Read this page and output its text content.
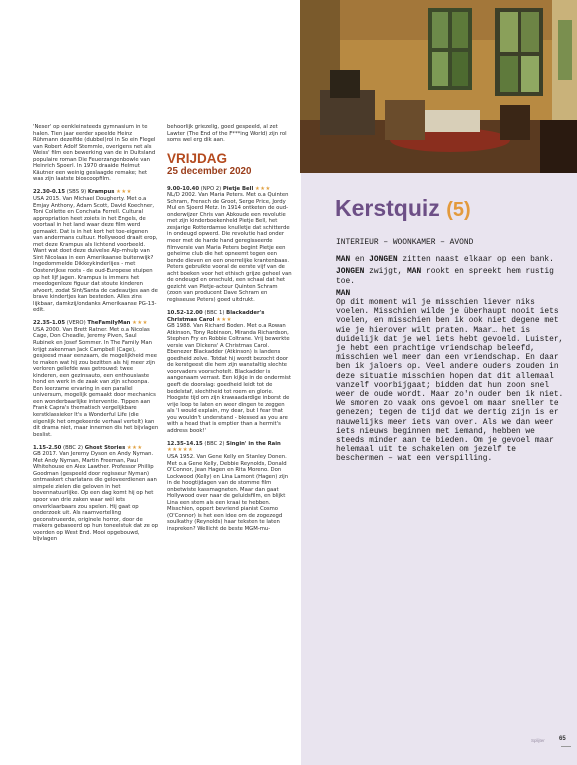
'Neser' op eenkleinsteeds gymnasium in te halen. Tien jaar eerder speelde Heinz Rühmann dezelfde (dubbel)rol in So ein Flegel van Robert Adolf Stemmle, overigens net als Weiss' film een bewerking van de in Duitsland populaire roman Die Feuerzangenbowle van Heinrich Spoerl. In 1970 draaide Helmut Käutner een weinig geslaagde remake; het was zijn laatste bioscoopfilm.

22.30-0.15 (SBS 9) Krampus ★★★
USA 2015. Van Michael Dougherty. Met o.a Emjay Anthony, Adam Scott, David Koechner, Toni Collette en Conchata Ferrell. Cultural appropriation heet zoiets in het Engels, de voortaal in het land waar deze film werd gemaakt. Dat is in het kort het toe-eigenen van andermans cultuur. Hollywood draait erop, met deze Krampus als lichtend voorbeeld. Want wat doet deze duivelse Alp-mhulp van Sint Nicolaas in een Amerikaanse buitenwijk? Ingedommelde Dikkeykinderlijes - met Oostenrijkse roots - de oud-Europese stuipen op het lijf jagen. Krampus is immers het meedogenloze figuur dat stoute kinderen afvoert, zodat Sint/Santa de cadeautjes aan de brave kindertjes kan besteden. Alles zins lijkbaar, damkzij/ondanks Amerikaanse PG-13-edit.

22.35-1.05 (VERO) TheFamilyMan ★★★
USA 2000. Van Brett Ratner. Met o.a Nicolas Cage, Don Cheadle, Jeremy Piven, Saul Rubinek en Josef Sommer. In The Family Man krijgt zakenman Jack Campbell (Cage), gesjeesd maar eenzaam, de mogelijkheid mee te maken wat hij zou bezitten als hij meer zijn verloren geliefde was getrouwd: twee kinderen, een gezinsauto, een enthousiaste hond en werk in de zaak van zijn schoonpa. Een leerzame ervaring in een parallel universum, mogelijk gemaakt door mechanics een wonderbaarlijke interventie. Tippen aan Frank Capra's thematisch vergelijkbare kerstklassieker It's a Wonderful Life (die eigenlijk het omgekeerde verhaal vertelt) kan dit drama niet, maar innemen dis het bijvlagen beslist.

1.15-2.50 (BBC 2) Ghost Stories ★★★
GB 2017. Van Jeremy Dyson en Andy Nyman. Met Andy Nyman, Martin Freeman, Paul Whitehouse en Alex Lawther. Professor Phillip Goodman (gespeeld door regisseur Nyman) ontmaskert charlatans die geloveerdienen aan simpele zielen die geloven in het bovennatuurlijke. Op een dag komt hij op het spoor van drie zaken waar wél iets onverklaarbaars zou spelen. Hij gaat op onderzoek uit. Als raamvertelling geconstrueerde, originele horror, door de makers gebaseerd op hun toneelstuk dat ze op voerden op West End. Mooi opgebouwd, bijvlagen

behoorlijk griezelig, goed gespeeld, al zet Lawter (The End of the F***ing World) zijn rol soms wel erg dik aan.

VRIJDAG
25 december 2020

9.00-10.40 (NPO 2) Pietje Bell ★★★
NL/D 2002. Van Maria Peters. Met o.a Quinten Schram, Frensch de Groot, Serge Price, Jordy Mul en Sjoerd Metz. In 1914 ontketen de oud-onderwijzer Chris van Abkoude een revolutie met zijn kinderboekenheld Pietje Bell, het zesjarige Rotterdamse knulletje dat schitterde in ondeugd opwerd. Die revolutie had onder meer met de harde hand geregisseerde filmversie van Maria Peters begint Pietje een geheime club die het opneemt tegen een bende dieven en een onerrelijke krantenbaas. Peters gebruikte vooral de eerste vijf van de acht boeken voor het ethisch grijze geheel van de ondeugd en onschuld, een schaal dat het gezicht van Pietje-acteur Quinten Schram (zoon van producent Dave Schram en regisseuse Peters) goed uitdrukt.

10.52-12.00 (BBC 1) Blackadder's Christmas Carol ★★★
GB 1988. Van Richard Boden. Met o.a Rowan Atkinson, Tony Robinson, Miranda Richardson, Stephen Fry en Robbie Coltrane. Vrij bewerkte versie van Dickens' A Christmas Carol. Ebenezer Blackadder (Atkinson) is landens goedheid zelve. Totdat hij wordt bezocht door de kerstgeest die hem zijn wanstaltig slechte voorvaders voorschotelt. Blackadder is aangenaam verrast. Een kijkje in de ondermist geeft de doorslag: goedheid leidt tot de bedelstaf, slechtheid tot roem en glorie. Hoogste tijd om zijn krawaadardige inborst de vrije loop te laten en weer dingen te zeggen als 'I would explain, my dear, but I fear that you wouldn't understand - blessed as you are with a head that is emptier than a hermit's address book!'

12.35-14.15 (BBC 2) Singin' in the Rain ★★★★★
USA 1952. Van Gene Kelly en Stanley Donen. Met o.a Gene Kelly, Debbie Reynolds, Donald O'Connor, Jean Hagen en Rita Moreno. Don Lockwood (Kelly) en Lina Lamont (Hagen) zijn in de hoogtijdagen van de stomme film onbetwiste kassmagneten. Maar dan gaat Hollywood over naar de geluidsfilm, en blijkt Lina een stem als een kraai te hebben. Misschien, oppert bevriend pianist Cosmo (O'Connor) is het een idee om de zogezegd soulkathy (Reynolds) haar teksten te laten inspreken? Wellicht de beste MGM-mu-

Kerstquiz (5)

INTERIEUR – WOONKAMER – AVOND

MAN en JONGEN zitten naast elkaar op een bank.

JONGEN zwijgt, MAN rookt en spreekt hem rustig toe.

MAN

Op dit moment wil je misschien liever niks voelen. Misschien wilde je überhaupt nooit iets voelen, en misschien ben ik ook niet degene met wie je hierover wilt praten. Maar… het is duidelijk dat je wel iets hebt gevoeld. Luister, je hebt een prachtige vriendschap beleefd, misschien wel meer dan een vriendschap. En daar ben ik jaloers op. Veel andere ouders zouden in deze situatie misschien hopen dat dit allemaal vanzelf voorbijgaat; bidden dat hun zoon snel weer de oude wordt. Maar zo'n ouder ben ik niet. We smoren zo vaak ons gevoel om maar sneller te genezen; tegen de tijd dat we dertig zijn is er nauwelijks meer iets van over. Als we dan weer iets nieuws beginnen met iemand, hebben we steeds minder aan te bieden. Om je gevoel maar helemaal uit te schakelen om jezelf te beschermen – wat een verspilling.

Splijter 65
